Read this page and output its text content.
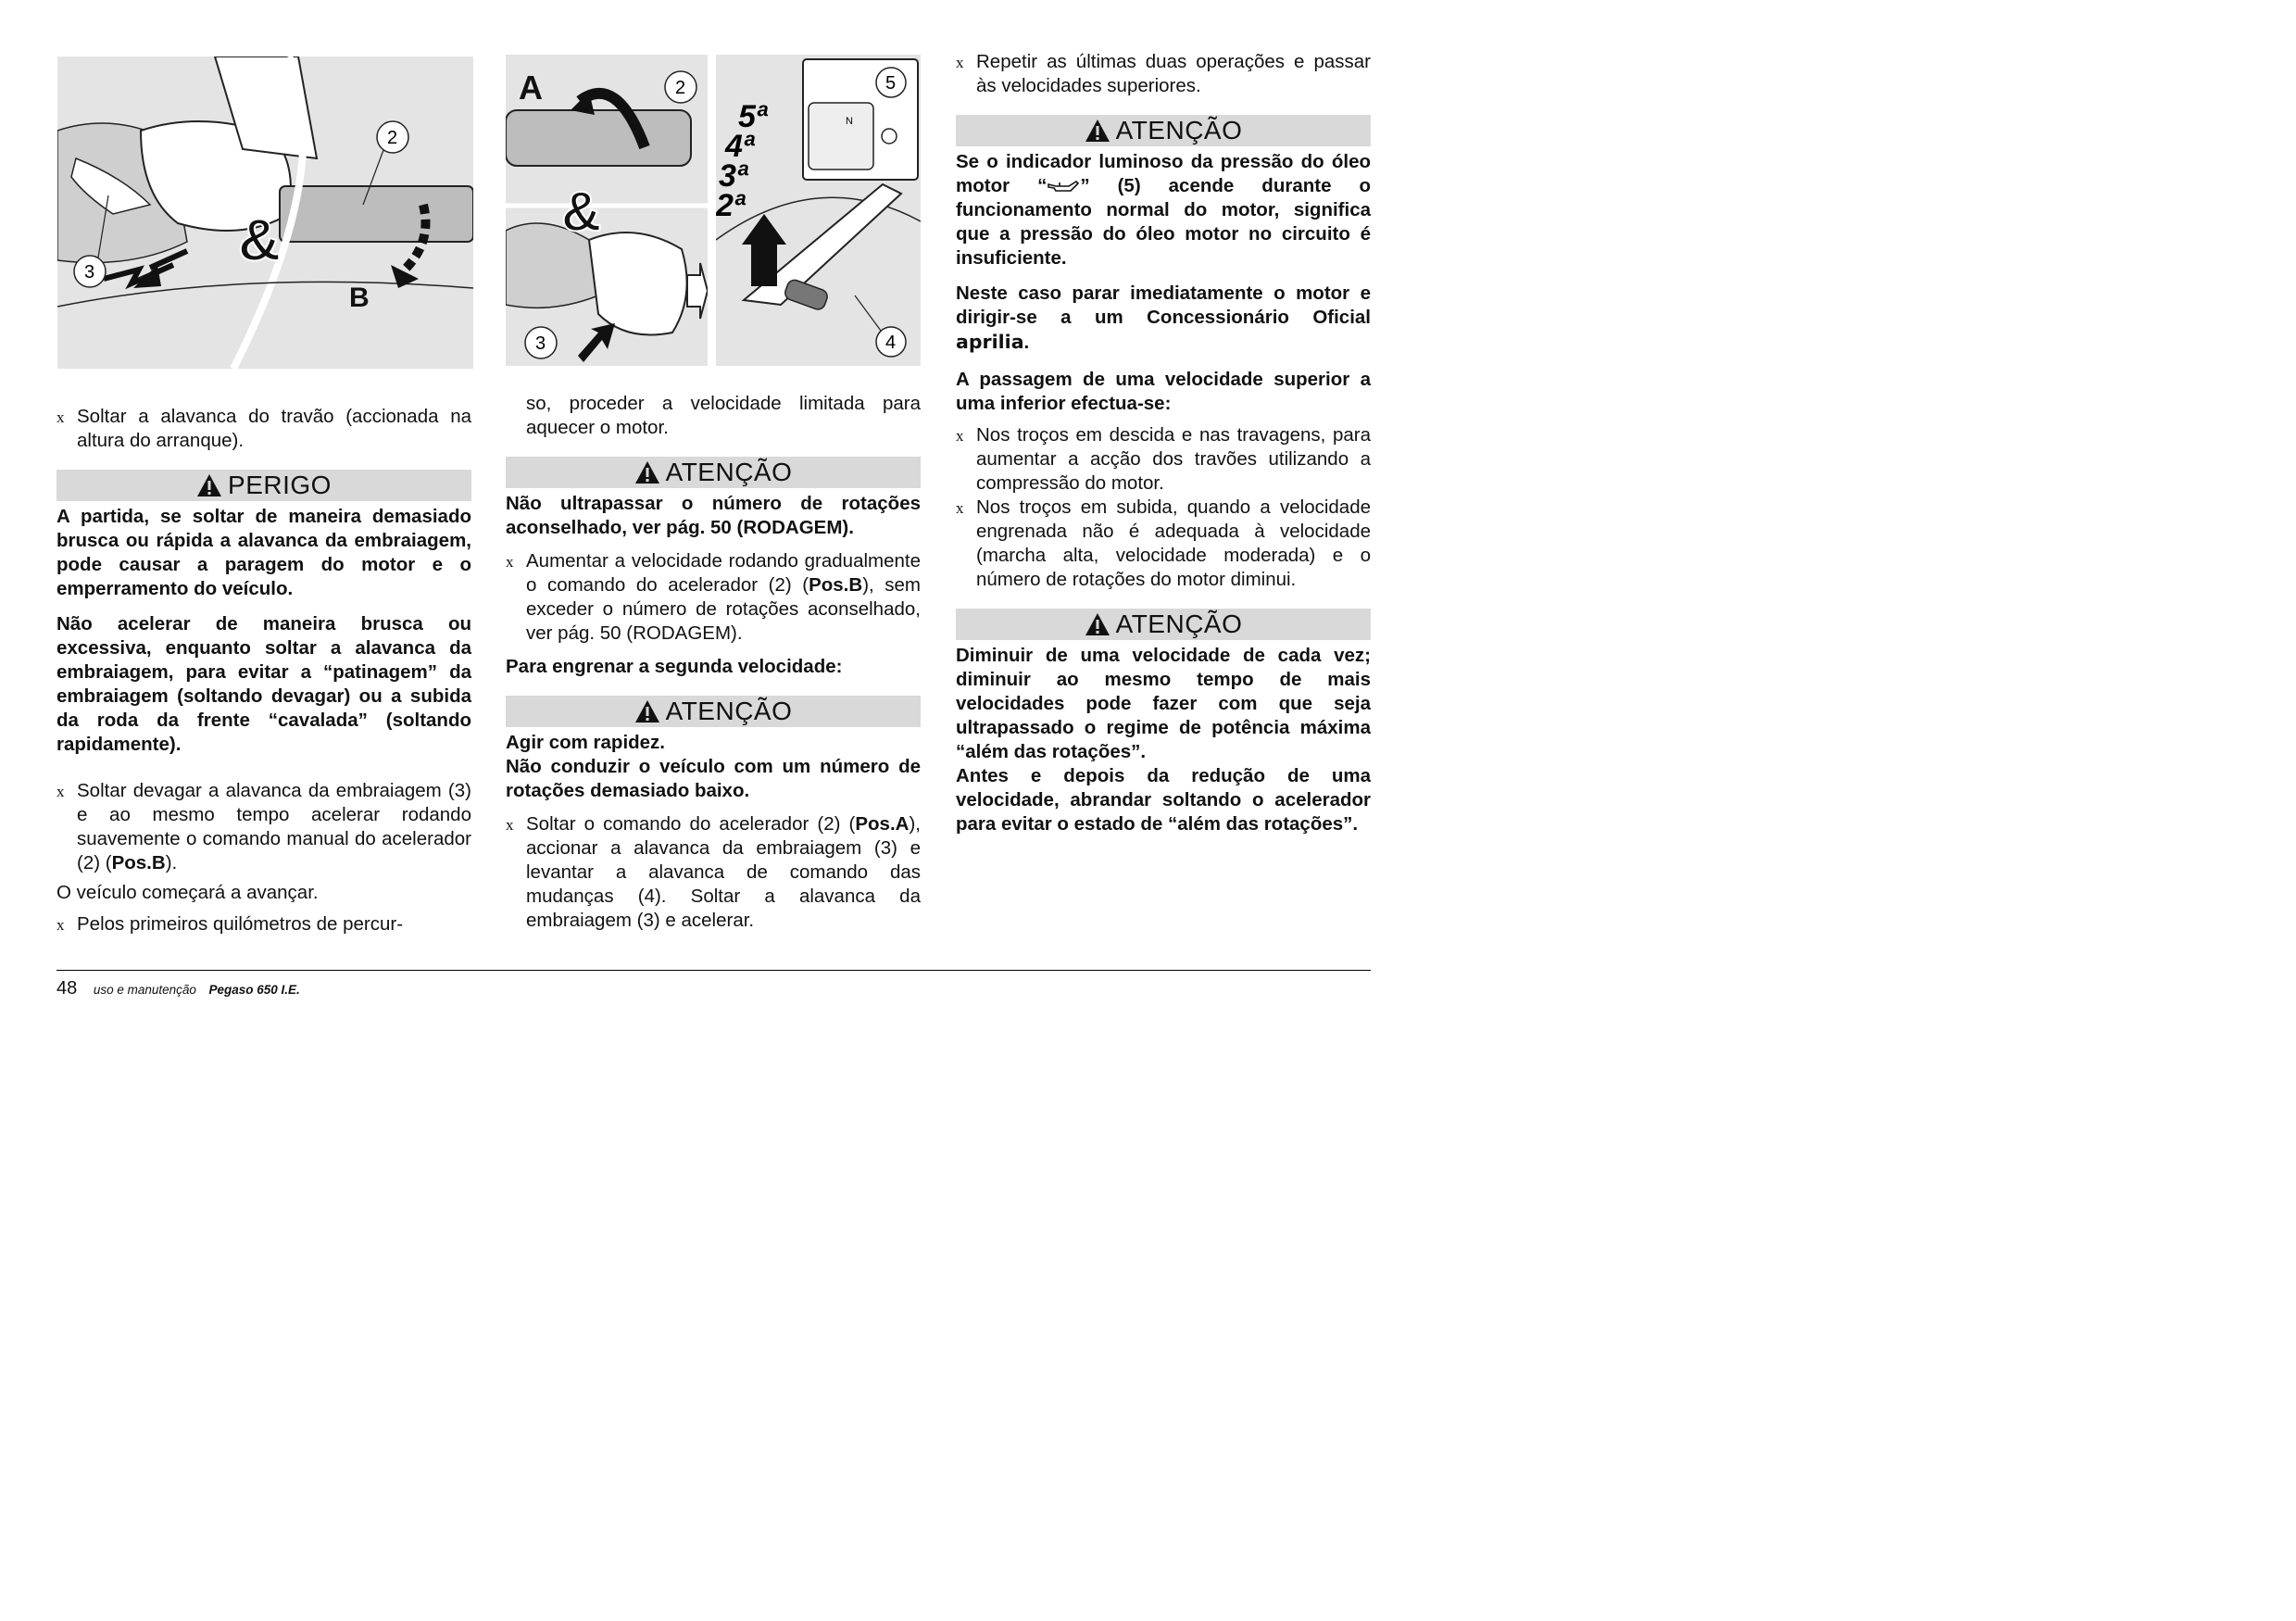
&
B
2
3
A	2
&
3
N
5
5ª
4ª
3ª
2ª
4

x Soltar a alavanca do travão (accionada na altura do arranque).

PERIGO

A partida, se soltar de maneira demasiado brusca ou rápida a alavanca da embraiagem, pode causar a paragem do motor e o emperramento do veículo.

Não acelerar de maneira brusca ou excessiva, enquanto soltar a alavanca da embraiagem, para evitar a “patinagem” da embraiagem (soltando devagar) ou a subida da roda da frente “cavalada” (soltando rapidamente).

x Soltar devagar a alavanca da embraiagem (3) e ao mesmo tempo acelerar rodando suavemente o comando manual do acelerador (2) (Pos.B).

O veículo começará a avançar.

x Pelos primeiros quilómetros de percur-

so, proceder a velocidade limitada para aquecer o motor.

ATENÇÃO

Não ultrapassar o número de rotações aconselhado, ver pág. 50 (RODAGEM).

x Aumentar a velocidade rodando gradualmente o comando do acelerador (2) (Pos.B), sem exceder o número de rotações aconselhado, ver pág. 50 (RODAGEM).

Para engrenar a segunda velocidade:

ATENÇÃO

Agir com rapidez.

Não conduzir o veículo com um número de rotações demasiado baixo.

x Soltar o comando do acelerador (2) (Pos.A), accionar a alavanca da embraiagem (3) e levantar a alavanca de comando das mudanças (4). Soltar a alavanca da embraiagem (3) e acelerar.

x Repetir as últimas duas operações e passar às velocidades superiores.

ATENÇÃO

Se o indicador luminoso da pressão do óleo motor “ ” (5) acende durante o funcionamento normal do motor, significa que a pressão do óleo motor no circuito é insuficiente.

Neste caso parar imediatamente o motor e dirigir-se a um Concessionário Oficial aprilia.

A passagem de uma velocidade superior a uma inferior efectua-se:

x Nos troços em descida e nas travagens, para aumentar a acção dos travões utilizando a compressão do motor.

x Nos troços em subida, quando a velocidade engrenada não é adequada à velocidade (marcha alta, velocidade moderada) e o número de rotações do motor diminui.

ATENÇÃO

Diminuir de uma velocidade de cada vez; diminuir ao mesmo tempo de mais velocidades pode fazer com que seja ultrapassado o regime de potência máxima “além das rotações”.

Antes e depois da redução de uma velocidade, abrandar soltando o acelerador para evitar o estado de “além das rotações”.

48 uso e manutenção Pegaso 650 I.E.
